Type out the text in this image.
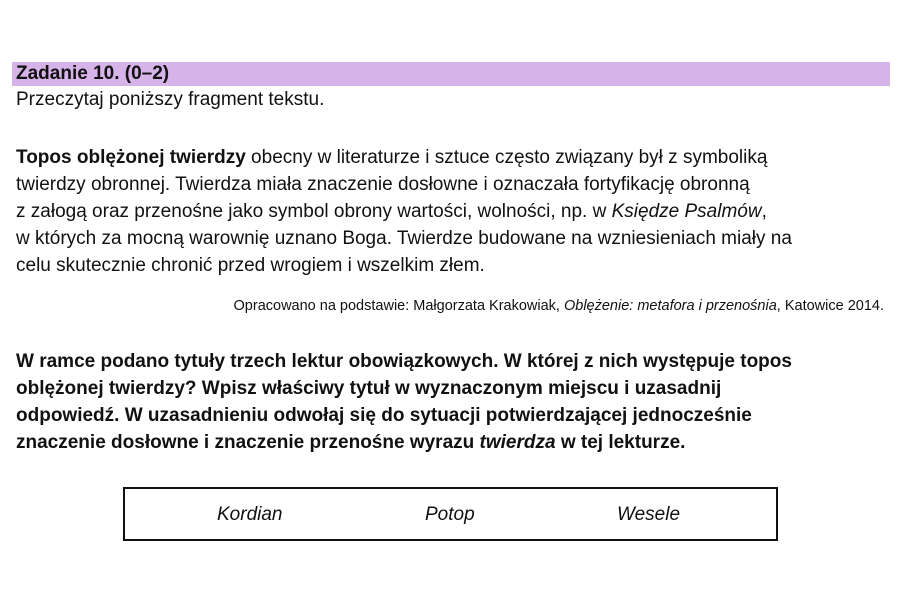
Zadanie 10. (0–2)
Przeczytaj poniższy fragment tekstu.
Topos oblężonej twierdzy obecny w literaturze i sztuce często związany był z symboliką
twierdzy obronnej. Twierdza miała znaczenie dosłowne i oznaczała fortyfikację obronną
z załogą oraz przenośne jako symbol obrony wartości, wolności, np. w Księdze Psalmów,
w których za mocną warownię uznano Boga. Twierdze budowane na wzniesieniach miały na
celu skutecznie chronić przed wrogiem i wszelkim złem.
Opracowano na podstawie: Małgorzata Krakowiak, Oblężenie: metafora i przenośnia, Katowice 2014.
W ramce podano tytuły trzech lektur obowiązkowych. W której z nich występuje topos
oblężonej twierdzy? Wpisz właściwy tytuł w wyznaczonym miejscu i uzasadnij
odpowiedź. W uzasadnieniu odwołaj się do sytuacji potwierdzającej jednocześnie
znaczenie dosłowne i znaczenie przenośne wyrazu twierdza w tej lekturze.
Kordian	Potop	Wesele
